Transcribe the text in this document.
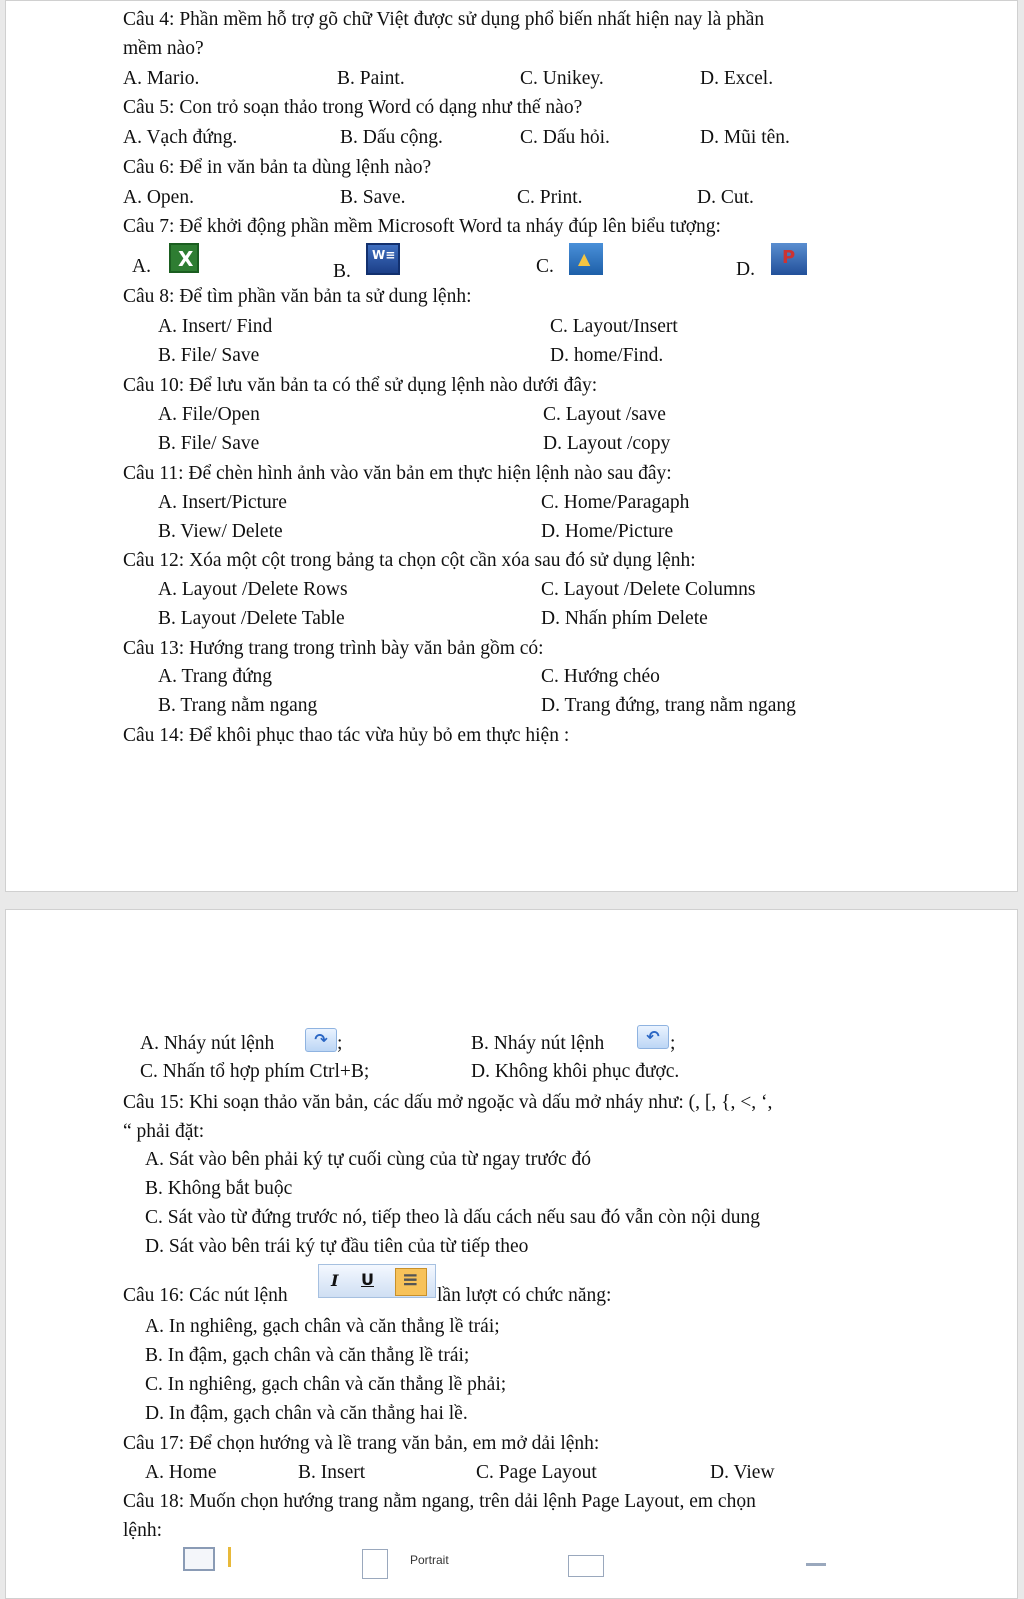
Câu 4: Phần mềm hỗ trợ gõ chữ Việt được sử dụng phổ biến nhất hiện nay là phần
mềm nào?
A. Mario.	B. Paint.	C. Unikey.	D. Excel.
Câu 5: Con trỏ soạn thảo trong Word có dạng như thế nào?
A. Vạch đứng.	B. Dấu cộng.	C. Dấu hỏi.	D. Mũi tên.
Câu 6: Để in văn bản ta dùng lệnh nào?
A. Open.	B. Save.	C. Print.	D. Cut.
Câu 7: Để khởi động phần mềm Microsoft Word ta nháy đúp lên biểu tượng:
A. X	B. W≡	C. ▲	D.
P
Câu 8: Để tìm phần văn bản ta sử dung lệnh:
A. Insert/ Find	C. Layout/Insert
B. File/ Save	D. home/Find.
Câu 10: Để lưu văn bản ta có thể sử dụng lệnh nào dưới đây:
A. File/Open	C. Layout /save
B. File/ Save	D. Layout /copy
Câu 11: Để chèn hình ảnh vào văn bản em thực hiện lệnh nào sau đây:
A. Insert/Picture	C. Home/Paragaph
B. View/ Delete	D. Home/Picture
Câu 12: Xóa một cột trong bảng ta chọn cột cần xóa sau đó sử dụng lệnh:
A. Layout /Delete Rows	C. Layout /Delete Columns
B. Layout /Delete Table	D. Nhấn phím Delete
Câu 13: Hướng trang trong trình bày văn bản gồm có:
A. Trang đứng	C. Hướng chéo
B. Trang nằm ngang	D. Trang đứng, trang nằm ngang
Câu 14: Để khôi phục thao tác vừa hủy bỏ em thực hiện :
A. Nháy nút lệnh	↷ ;	B. Nháy nút lệnh	↶ ;
C. Nhấn tổ hợp phím Ctrl+B;	D. Không khôi phục được.
Câu 15: Khi soạn thảo văn bản, các dấu mở ngoặc và dấu mở nháy như: (, [, {, <, ‘,
“ phải đặt:
A. Sát vào bên phải ký tự cuối cùng của từ ngay trước đó
B. Không bắt buộc
C. Sát vào từ đứng trước nó, tiếp theo là dấu cách nếu sau đó vẫn còn nội dung
D. Sát vào bên trái ký tự đầu tiên của từ tiếp theo
Câu 16: Các nút lệnh
I U
≡
lần lượt có chức năng:
A. In nghiêng, gạch chân và căn thẳng lề trái;
B. In đậm, gạch chân và căn thẳng lề trái;
C. In nghiêng, gạch chân và căn thẳng lề phải;
D. In đậm, gạch chân và căn thẳng hai lề.
Câu 17: Để chọn hướng và lề trang văn bản, em mở dải lệnh:
A. Home	B. Insert	C. Page Layout	D. View
Câu 18: Muốn chọn hướng trang nằm ngang, trên dải lệnh Page Layout, em chọn
lệnh:
Portrait
